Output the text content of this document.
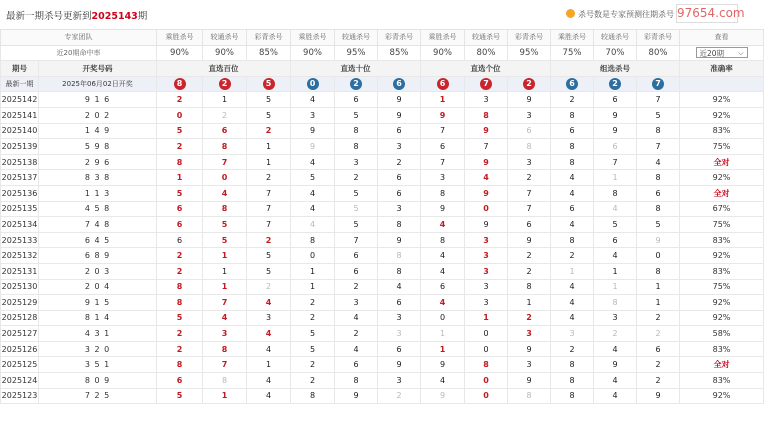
最新一期杀号更新到2025143期	杀号数是专家预测往期杀号 97654.com
专家团队		乘胜杀号	较通杀号	彩青杀号	乘胜杀号	较通杀号	彩青杀号	乘胜杀号	较通杀号	彩青杀号	乘胜杀号	较通杀号	彩青杀号	查看
近20期命中率		90%	90%	85%	90%	95%	85%	90%	80%	95%	75%	70%	80%	近20期 ⌵

期号	开奖号码	直选百位			直选十位			直选个位			组选杀号			准确率
最新一期	2025年06月02日开奖	8	2	5	0	2	6	6	7	2	6	2	7	
2025142	9 1 6	2	1	5	4	6	9	1	3	9	2	6	7	92%
2025141	2 0 2	0	2	5	3	5	9	9	8	3	8	9	5	92%
2025140	1 4 9	5	6	2	9	8	6	7	9	6	6	9	8	83%
2025139	5 9 8	2	8	1	9	8	3	6	7	8	8	6	7	75%
2025138	2 9 6	8	7	1	4	3	2	7	9	3	8	7	4	全对
2025137	8 3 8	1	0	2	5	2	6	3	4	2	4	1	8	92%
2025136	1 1 3	5	4	7	4	5	6	8	9	7	4	8	6	全对
2025135	4 5 8	6	8	7	4	5	3	9	0	7	6	4	8	67%
2025134	7 4 8	6	5	7	4	5	8	4	9	6	4	5	5	75%
2025133	6 4 5	6	5	2	8	7	9	8	3	9	8	6	9	83%
2025132	6 8 9	2	1	5	0	6	8	4	3	2	2	4	0	92%
2025131	2 0 3	2	1	5	1	6	8	4	3	2	1	1	8	83%
2025130	2 0 4	8	1	2	1	2	4	6	3	8	4	1	1	75%
2025129	9 1 5	8	7	4	2	3	6	4	3	1	4	8	1	92%
2025128	8 1 4	5	4	3	2	4	3	0	1	2	4	3	2	92%
2025127	4 3 1	2	3	4	5	2	3	1	0	3	3	2	2	58%
2025126	3 2 0	2	8	4	5	4	6	1	0	9	2	4	6	83%
2025125	3 5 1	8	7	1	2	6	9	9	8	3	8	9	2	全对
2025124	8 0 9	6	8	4	2	8	3	4	0	9	8	4	2	83%
2025123	7 2 5	5	1	4	8	9	2	9	0	8	8	4	9	92%
